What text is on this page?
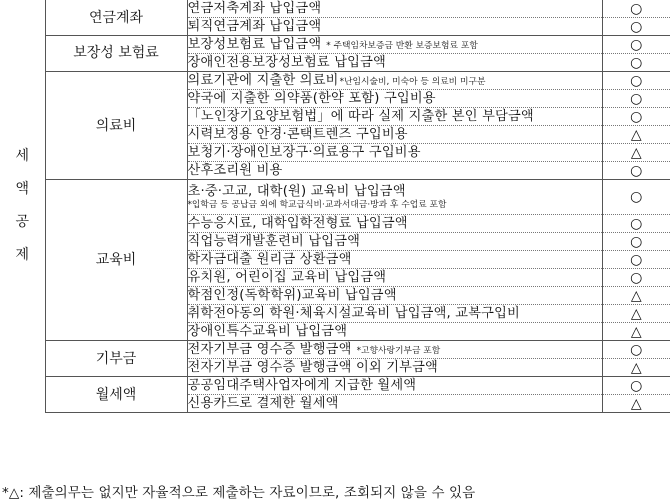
세
액
공
제	연금계좌	연금저축계좌 납입금액	○
		퇴직연금계좌 납입금액	○

	보장성 보험료	보장성보험료 납입금액 * 주택임차보증금 반환 보증보험료 포함	○
		장애인전용보장성보험료 납입금액	○
	의료비	의료기관에 지출한 의료비*난임시술비, 미숙아 등 의료비 미구분	○
		약국에 지출한 의약품(한약 포함) 구입비용	○
		「노인장기요양보험법」에 따라 실제 지출한 본인 부담금액	○
		시력보정용 안경·콘택트렌즈 구입비용	△
		보청기·장애인보장구·의료용구 구입비용	△
		산후조리원 비용	○
	교육비	초·중·고교, 대학(원) 교육비 납입금액
*입학금 등 공납금 외에 학교급식비·교과서대금·방과 후 수업료 포함	○
		수능응시료, 대학입학전형료 납입금액	○
		직업능력개발훈련비 납입금액	○
		학자금대출 원리금 상환금액	○
		유치원, 어린이집 교육비 납입금액	○
		학점인정(독학학위)교육비 납입금액	△
		취학전아동의 학원·체육시설교육비 납입금액, 교복구입비	△
		장애인특수교육비 납입금액	△
	기부금	전자기부금 영수증 발행금액 *고향사랑기부금 포함	○
		전자기부금 영수증 발행금액 이외 기부금액	△
	월세액	공공임대주택사업자에게 지급한 월세액	○
		신용카드로 결제한 월세액	△
*△: 제출의무는 없지만 자율적으로 제출하는 자료이므로, 조회되지 않을 수 있음
